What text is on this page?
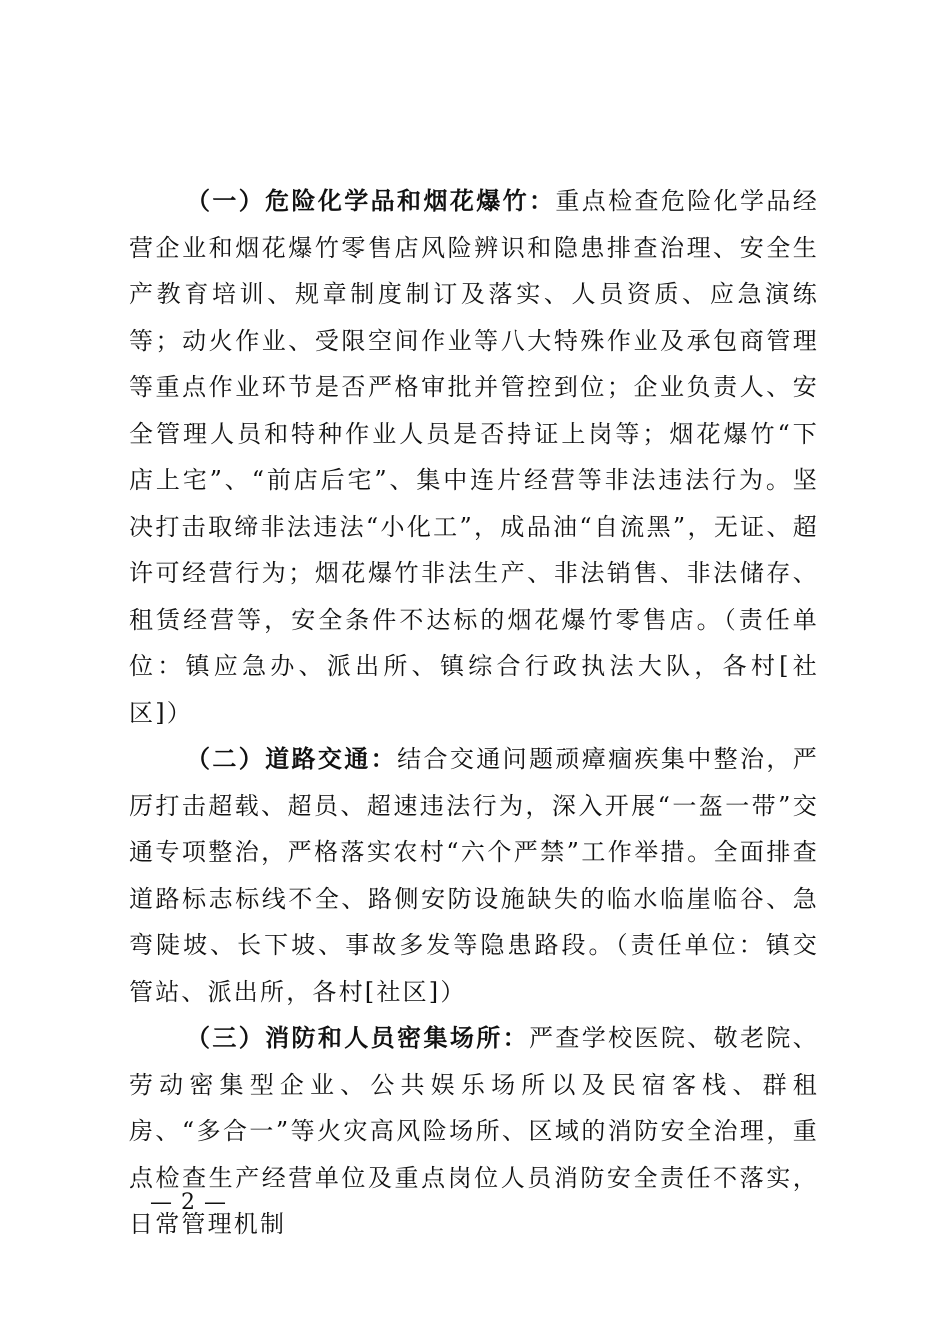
（一）危险化学品和烟花爆竹：重点检查危险化学品经营企业和烟花爆竹零售店风险辨识和隐患排查治理、安全生产教育培训、规章制度制订及落实、人员资质、应急演练等；动火作业、受限空间作业等八大特殊作业及承包商管理等重点作业环节是否严格审批并管控到位；企业负责人、安全管理人员和特种作业人员是否持证上岗等；烟花爆竹“下店上宅”、“前店后宅”、集中连片经营等非法违法行为。坚决打击取缔非法违法“小化工”，成品油“自流黑”，无证、超许可经营行为；烟花爆竹非法生产、非法销售、非法储存、租赁经营等，安全条件不达标的烟花爆竹零售店。（责任单位：镇应急办、派出所、镇综合行政执法大队，各村[社区]）

（二）道路交通：结合交通问题顽瘴痼疾集中整治，严厉打击超载、超员、超速违法行为，深入开展“一盔一带”交通专项整治，严格落实农村“六个严禁”工作举措。全面排查道路标志标线不全、路侧安防设施缺失的临水临崖临谷、急弯陡坡、长下坡、事故多发等隐患路段。（责任单位：镇交管站、派出所，各村[社区]）

（三）消防和人员密集场所：严查学校医院、敬老院、劳动密集型企业、公共娱乐场所以及民宿客栈、群租房、“多合一”等火灾高风险场所、区域的消防安全治理，重点检查生产经营单位及重点岗位人员消防安全责任不落实，日常管理机制

— 2 —
